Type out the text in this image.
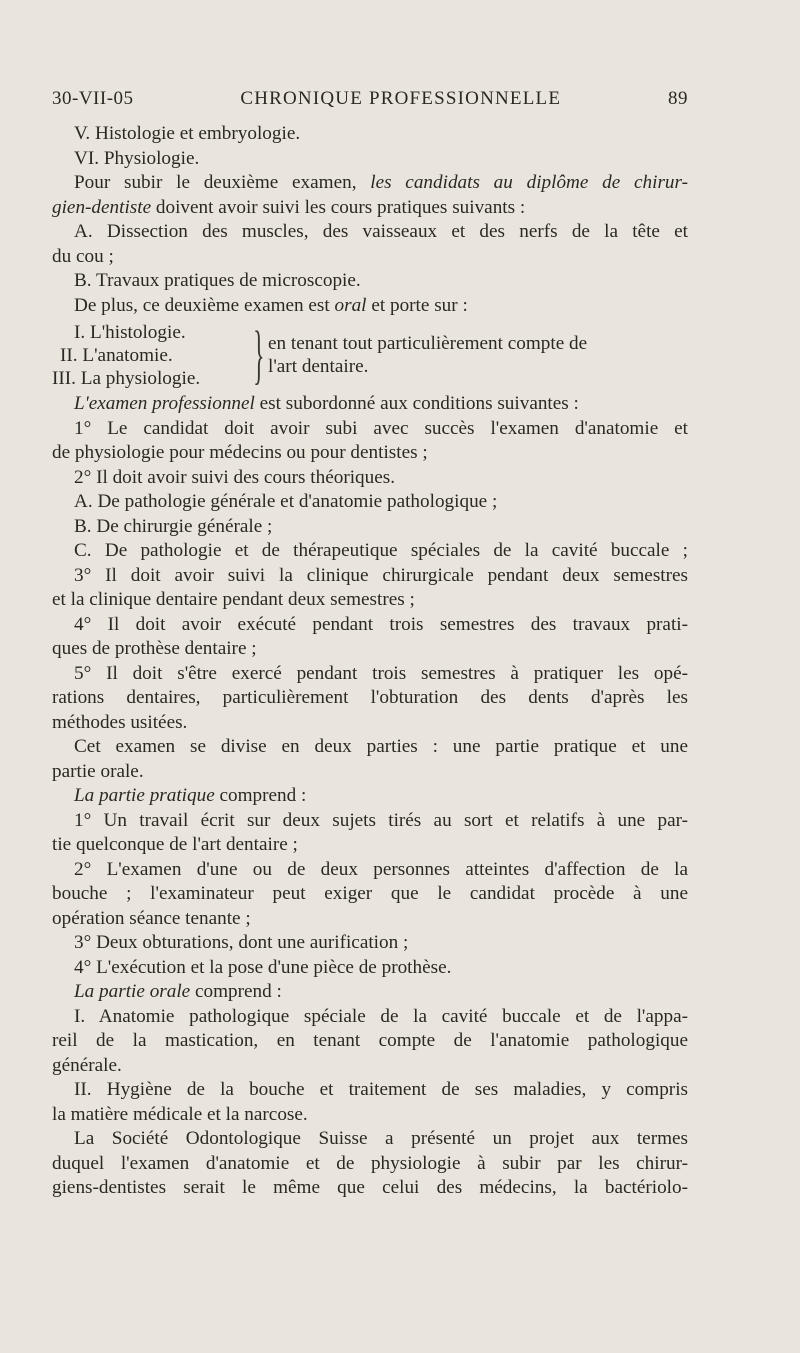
30-VII-05	CHRONIQUE PROFESSIONNELLE	89
V. Histologie et embryologie.
VI. Physiologie.
Pour subir le deuxième examen, les candidats au diplôme de chirur-
gien-dentiste doivent avoir suivi les cours pratiques suivants :
A. Dissection des muscles, des vaisseaux et des nerfs de la tête et
du cou ;
B. Travaux pratiques de microscopie.
De plus, ce deuxième examen est oral et porte sur :
I. L'histologie.
II. L'anatomie.
III. La physiologie. } en tenant tout particulièrement compte de
l'art dentaire.
L'examen professionnel est subordonné aux conditions suivantes :
1° Le candidat doit avoir subi avec succès l'examen d'anatomie et
de physiologie pour médecins ou pour dentistes ;
2° Il doit avoir suivi des cours théoriques.
A. De pathologie générale et d'anatomie pathologique ;
B. De chirurgie générale ;
C. De pathologie et de thérapeutique spéciales de la cavité buccale ;
3° Il doit avoir suivi la clinique chirurgicale pendant deux semestres
et la clinique dentaire pendant deux semestres ;
4° Il doit avoir exécuté pendant trois semestres des travaux prati-
ques de prothèse dentaire ;
5° Il doit s'être exercé pendant trois semestres à pratiquer les opé-
rations dentaires, particulièrement l'obturation des dents d'après les
méthodes usitées.
Cet examen se divise en deux parties : une partie pratique et une
partie orale.
La partie pratique comprend :
1° Un travail écrit sur deux sujets tirés au sort et relatifs à une par-
tie quelconque de l'art dentaire ;
2° L'examen d'une ou de deux personnes atteintes d'affection de la
bouche ; l'examinateur peut exiger que le candidat procède à une
opération séance tenante ;
3° Deux obturations, dont une aurification ;
4° L'exécution et la pose d'une pièce de prothèse.
La partie orale comprend :
I. Anatomie pathologique spéciale de la cavité buccale et de l'appa-
reil de la mastication, en tenant compte de l'anatomie pathologique
générale.
II. Hygiène de la bouche et traitement de ses maladies, y compris
la matière médicale et la narcose.
La Société Odontologique Suisse a présenté un projet aux termes
duquel l'examen d'anatomie et de physiologie à subir par les chirur-
giens-dentistes serait le même que celui des médecins, la bactériolo-
